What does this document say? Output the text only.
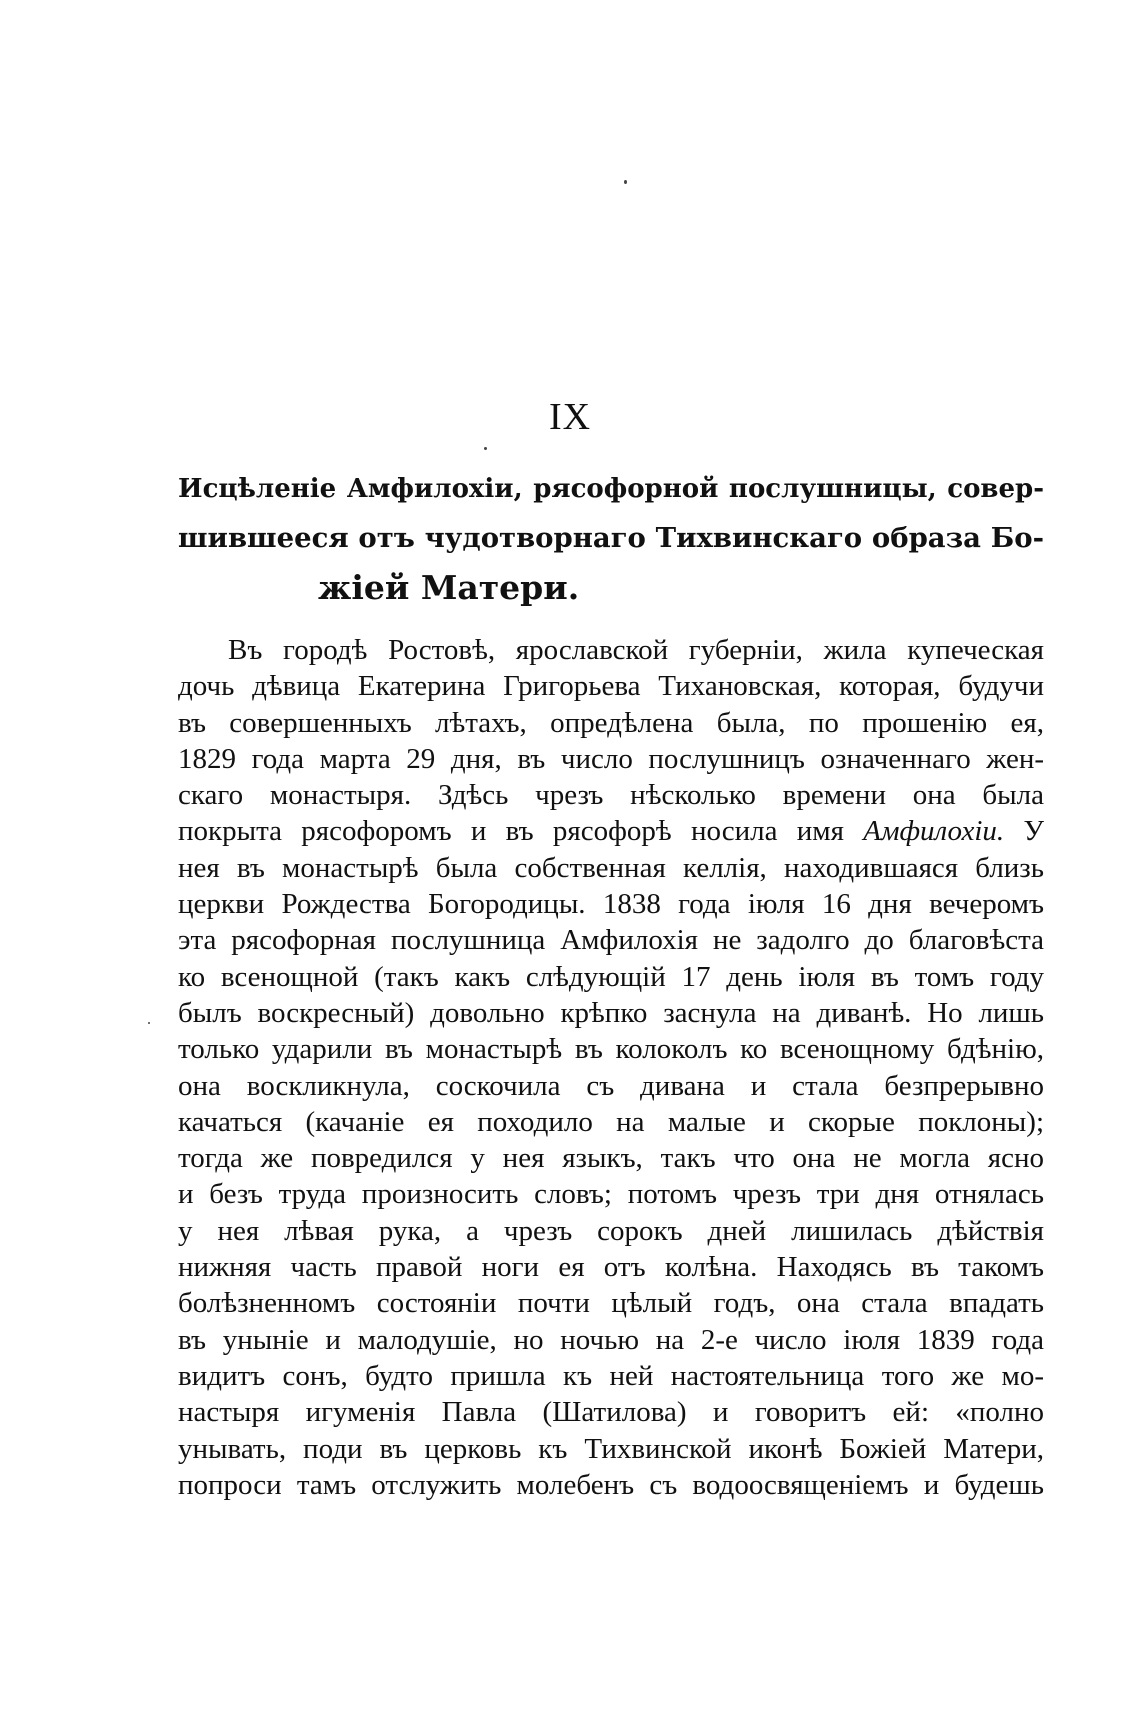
IX
Исцѣленіе Амфилохіи, рясофорной послушницы, совер-
шившееся отъ чудотворнаго Тихвинскаго образа Бо-
жіей Матери.
Въ городѣ Ростовѣ, ярославской губерніи, жила купеческая
дочь дѣвица Екатерина Григорьева Тихановская, которая, будучи
въ совершенныхъ лѣтахъ, опредѣлена была, по прошенію ея,
1829 года марта 29 дня, въ число послушницъ означеннаго жен-
скаго монастыря. Здѣсь чрезъ нѣсколько времени она была
покрыта рясофоромъ и въ рясофорѣ носила имя Амфилохіи. У
нея въ монастырѣ была собственная келлія, находившаяся близь
церкви Рождества Богородицы. 1838 года іюля 16 дня вечеромъ
эта рясофорная послушница Амфилохія не задолго до благовѣста
ко всенощной (такъ какъ слѣдующій 17 день іюля въ томъ году
былъ воскресный) довольно крѣпко заснула на диванѣ. Но лишь
только ударили въ монастырѣ въ колоколъ ко всенощному бдѣнію,
она воскликнула, соскочила съ дивана и стала безпрерывно
качаться (качаніе ея походило на малые и скорые поклоны);
тогда же повредился у нея языкъ, такъ что она не могла ясно
и безъ труда произносить словъ; потомъ чрезъ три дня отнялась
у нея лѣвая рука, а чрезъ сорокъ дней лишилась дѣйствія
нижняя часть правой ноги ея отъ колѣна. Находясь въ такомъ
болѣзненномъ состояніи почти цѣлый годъ, она стала впадать
въ уныніе и малодушіе, но ночью на 2-е число іюля 1839 года
видитъ сонъ, будто пришла къ ней настоятельница того же мо-
настыря игуменія Павла (Шатилова) и говоритъ ей: «полно
унывать, поди въ церковь къ Тихвинской иконѣ Божіей Матери,
попроси тамъ отслужить молебенъ съ водоосвященіемъ и будешь
